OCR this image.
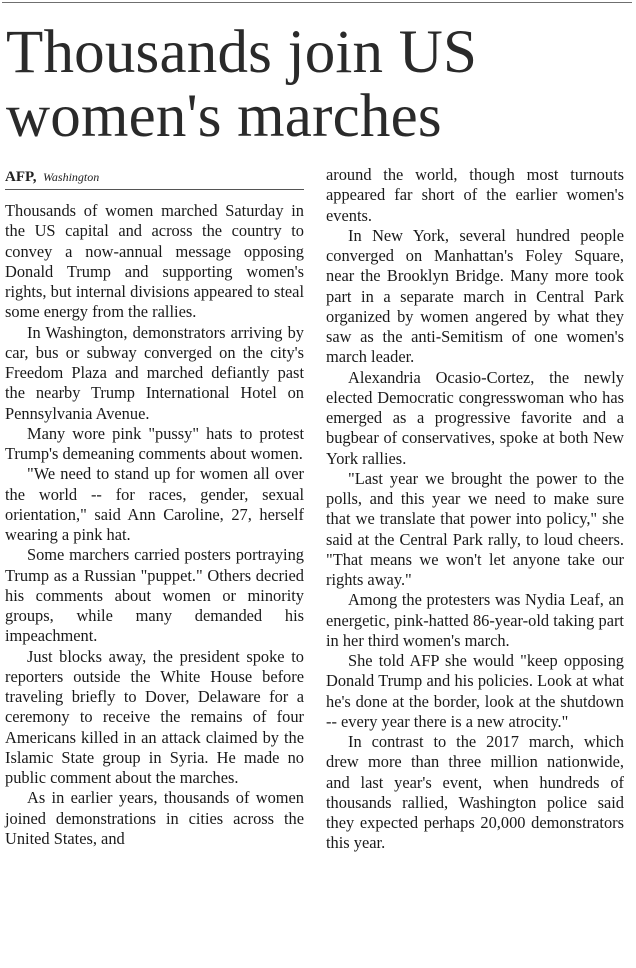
Thousands join US women's marches
AFP, Washington

Thousands of women marched Saturday in the US capital and across the country to convey a now-annual message opposing Donald Trump and supporting women's rights, but internal divisions appeared to steal some energy from the rallies.

In Washington, demonstrators arriving by car, bus or subway converged on the city's Freedom Plaza and marched defiantly past the nearby Trump International Hotel on Pennsylvania Avenue.

Many wore pink "pussy" hats to protest Trump's demeaning comments about women.

"We need to stand up for women all over the world -- for races, gender, sexual orientation," said Ann Caroline, 27, herself wearing a pink hat.

Some marchers carried posters portraying Trump as a Russian "puppet." Others decried his comments about women or minority groups, while many demanded his impeachment.

Just blocks away, the president spoke to reporters outside the White House before traveling briefly to Dover, Delaware for a ceremony to receive the remains of four Americans killed in an attack claimed by the Islamic State group in Syria. He made no public comment about the marches.

As in earlier years, thousands of women joined demonstrations in cities across the United States, and

around the world, though most turnouts appeared far short of the earlier women's events.

In New York, several hundred people converged on Manhattan's Foley Square, near the Brooklyn Bridge. Many more took part in a separate march in Central Park organized by women angered by what they saw as the anti-Semitism of one women's march leader.

Alexandria Ocasio-Cortez, the newly elected Democratic congresswoman who has emerged as a progressive favorite and a bugbear of conservatives, spoke at both New York rallies.

"Last year we brought the power to the polls, and this year we need to make sure that we translate that power into policy," she said at the Central Park rally, to loud cheers. "That means we won't let anyone take our rights away."

Among the protesters was Nydia Leaf, an energetic, pink-hatted 86-year-old taking part in her third women's march.

She told AFP she would "keep opposing Donald Trump and his policies. Look at what he's done at the border, look at the shutdown -- every year there is a new atrocity."

In contrast to the 2017 march, which drew more than three million nationwide, and last year's event, when hundreds of thousands rallied, Washington police said they expected perhaps 20,000 demonstrators this year.
